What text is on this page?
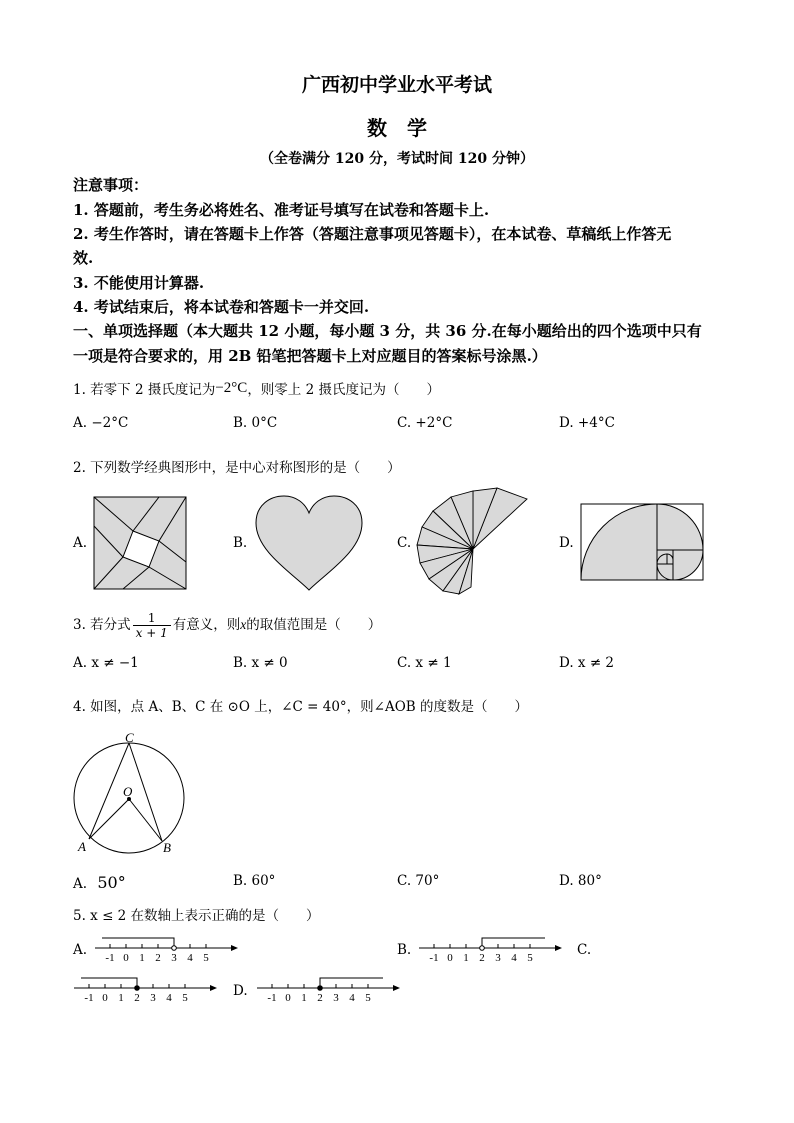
广西初中学业水平考试
数　学
（全卷满分 120 分，考试时间 120 分钟）
注意事项：
1. 答题前，考生务必将姓名、准考证号填写在试卷和答题卡上.
2. 考生作答时，请在答题卡上作答（答题注意事项见答题卡），在本试卷、草稿纸上作答无
效.
3. 不能使用计算器.
4. 考试结束后，将本试卷和答题卡一并交回.
一、单项选择题（本大题共 12 小题，每小题 3 分，共 36 分.在每小题给出的四个选项中只有
一项是符合要求的，用 2B 铅笔把答题卡上对应题目的答案标号涂黑.）
1. 若零下 2 摄氏度记为−2°C，则零上 2 摄氏度记为（　　）
A. −2°C	B. 0°C	C. +2°C	D. +4°C
2. 下列数学经典图形中，是中心对称图形的是（　　）
A.	B.	C.	D.
3. 若分式 $\frac{1}{x + 1}$ 有意义，则x的取值范围是（　　）
A. x ≠ −1	B. x ≠ 0	C. x ≠ 1	D. x ≠ 2
4. 如图，点 A、B、C 在 ⊙O 上，∠C = 40°，则∠AOB 的度数是（　　）
C
O
A	B
A. 50°	B. 60°	C. 70°	D. 80°
5. x ≤ 2 在数轴上表示正确的是（　　）
A. -1 0 1 2 3 4 5	B. -1 0 1 2 3 4 5	C.
-1 0 1 2 3 4 5	D. -1 0 1 2 3 4 5
